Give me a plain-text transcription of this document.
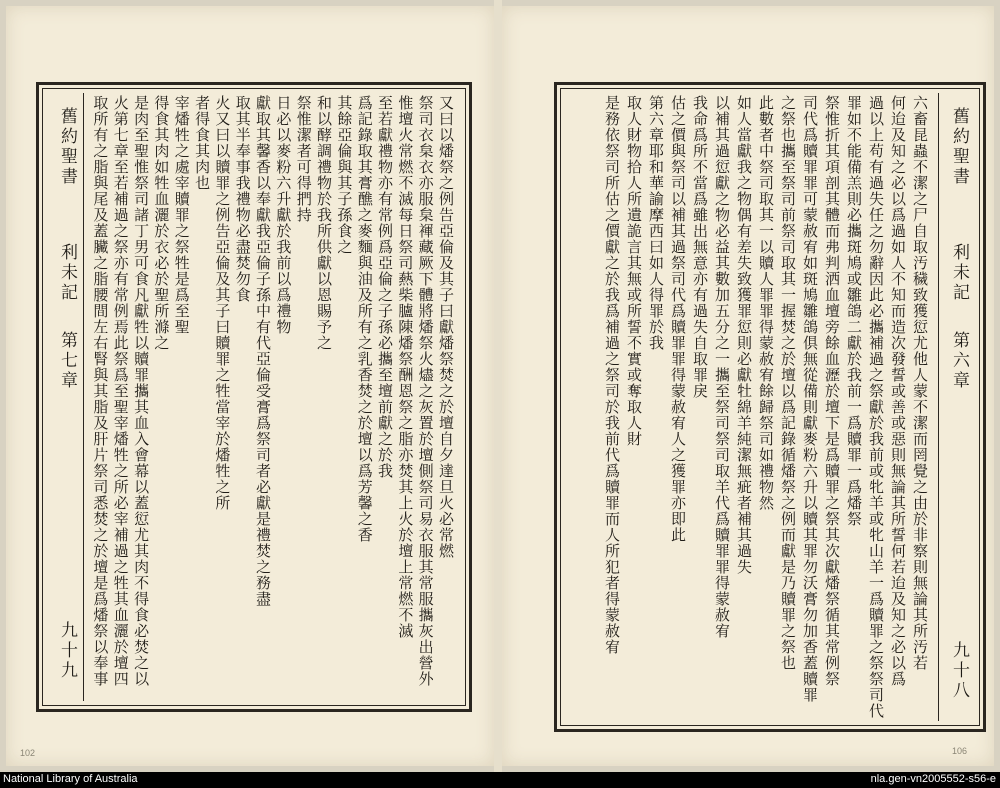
舊約聖書
利未記
第七章
九十九
又曰以燔祭之例告亞倫及其子曰獻燔祭焚之於壇自夕達旦火必常燃
祭司衣枲衣亦服枲褌藏厥下體將燔祭火燼之灰置於壇側祭司易衣服其常服攜灰出營外
惟壇火常燃不滅每日祭司爇柴臚陳燔祭酬恩祭之脂亦焚其上火於壇上常燃不滅
至若獻禮物亦有常例爲亞倫之子孫必攜至壇前獻之於我
爲記錄取其膏醮之麥麵與油及所有之乳香焚之於壇以爲芳馨之香
其餘亞倫與其子孫食之
和以酵調禮物於我所供獻以恩賜予之
祭惟潔者可得捫持
日必以麥粉六升獻於我前以爲禮物
獻取其馨香以奉獻我亞倫子孫中有代亞倫受膏爲祭司者必獻是禮焚之務盡
取其半奉事我禮物必盡焚勿食
火又曰以贖罪之例告亞倫及其子曰贖罪之牲當宰於燔牲之所
者得食其肉也
宰燔牲之處宰贖罪之祭牲是爲至聖
得食其肉如牲血灑於衣必於聖所滌之
是肉至聖惟祭司諸丁男可食凡獻牲以贖罪攜其血入會幕以蓋愆尤其肉不得食必焚之以
火第七章至若補過之祭亦有常例焉此祭爲至聖宰燔牲之所必宰補過之牲其血灑於壇四
取所有之脂與尾及蓋臟之脂腰間左右腎與其脂及肝片祭司悉焚之於壇是爲燔祭以奉事
102
舊約聖書
利未記
第六章
九十八
六畜昆蟲不潔之尸自取汚穢致獲愆尤他人蒙不潔而罔覺之由於非察則無論其所汚若
何迨及知之必以爲過如人不知而造次發誓或善或惡則無論其所誓何若迨及知之必以爲
過以上苟有過失任之勿辭因此必攜補過之祭獻於我前或牝羊或牝山羊一爲贖罪之祭祭司代
罪如不能備羔則必攜斑鳩或雛鴿二獻於我前一爲贖罪一爲燔祭
祭惟折其項剖其體而弗判洒血壇旁餘血瀝於壇下是爲贖罪之祭其次獻燔祭循其常例祭
司代爲贖罪罪可蒙赦宥如斑鳩雛鴿俱無從備則獻麥粉六升以贖其罪勿沃膏勿加香蓋贖罪
之祭也攜至祭司前祭司取其一握焚之於壇以爲記錄循燔祭之例而獻是乃贖罪之祭也
此數者中祭司取其一以贖人罪罪得蒙赦宥餘歸祭司如禮物然
如人當獻我之物偶有差失致獲罪愆則必獻牡綿羊純潔無疵者補其過失
以補其過愆獻之物必益其數加五分之一攜至祭司祭司取羊代爲贖罪罪得蒙赦宥
我命爲所不當爲雖出無意亦有過失自取罪戾
估之價與祭司以補其過祭司代爲贖罪罪得蒙赦宥人之獲罪亦即此
第六章耶和華諭摩西曰如人得罪於我
取人財物拾人所遺詭言其無或所誓不實或奪取人財
是務依祭司所估之價獻之於我爲補過之祭司於我前代爲贖罪而人所犯者得蒙赦宥
106
National Library of Australia	nla.gen-vn2005552-s56-e
